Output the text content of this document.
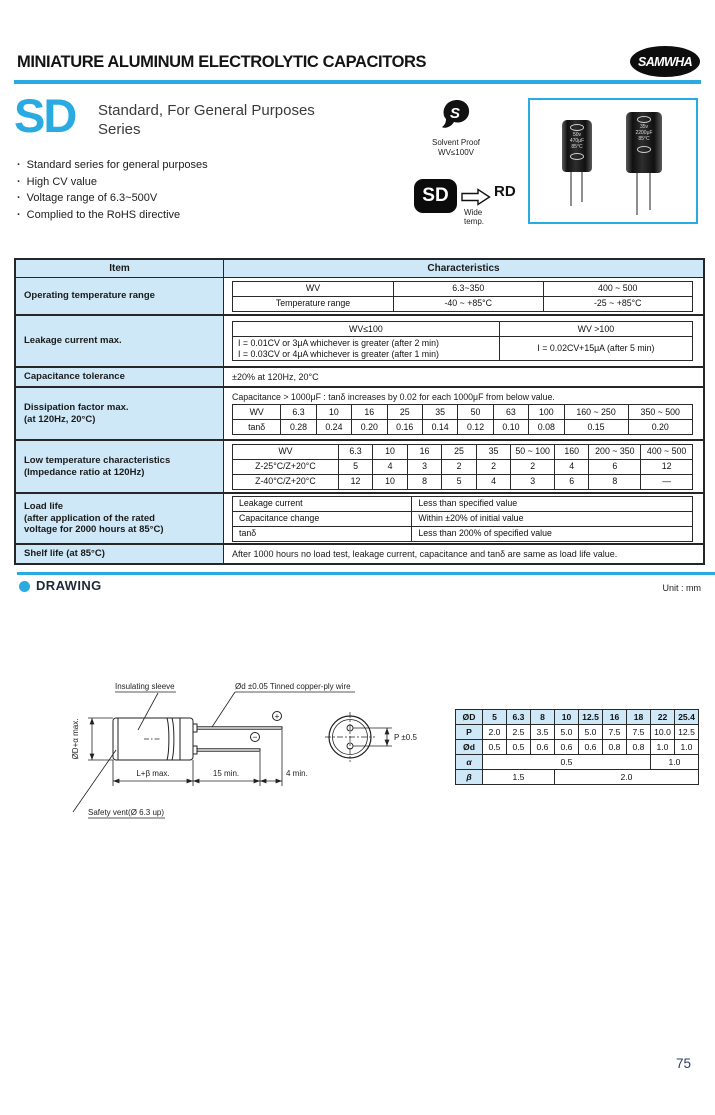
MINIATURE ALUMINUM ELECTROLYTIC CAPACITORS	SAMWHA
SD Standard, For General Purposes
Series
· Standard series for general purposes
· High CV value
· Voltage range of 6.3~500V
· Complied to the RoHS directive
S
Solvent Proof
WV≤100V
SD	RD
Wide
temp.
50v
470μF
85°C
35v
2200μF
85°C
Item	Characteristics
Operating temperature range
WV	6.3~350	400 ~ 500
Temperature range	-40 ~ +85°C	-25 ~ +85°C
Leakage current max.
WV≤100	WV >100

I = 0.01CV or 3μA whichever is greater (after 2 min)
I = 0.03CV or 4μA whichever is greater (after 1 min)	I = 0.02CV+15μA (after 5 min)
Capacitance tolerance	±20% at 120Hz, 20°C
Dissipation factor max.
(at 120Hz, 20°C)
Capacitance > 1000μF : tanδ increases by 0.02 for each 1000μF from below value.
WV	6.3	10	16	25	35	50	63	100	160 ~ 250	350 ~ 500
tanδ	0.28	0.24	0.20	0.16	0.14	0.12	0.10	0.08	0.15	0.20
Low temperature characteristics
(Impedance ratio at 120Hz)
WV	6.3	10	16	25	35	50 ~ 100	160	200 ~ 350	400 ~ 500
Z-25°C/Z+20°C	5	4	3	2	2	2	4	6	12
Z-40°C/Z+20°C	12	10	8	5	4	3	6	8	—
Load life
(after application of the rated
voltage for 2000 hours at 85°C)
Leakage current	Less than specified value
Capacitance change	Within ±20% of initial value
tanδ	Less than 200% of specified value
Shelf life (at 85°C)	After 1000 hours no load test, leakage current, capacitance and tanδ are same as load life value.
DRAWING	Unit : mm
Insulating sleeve	Ød ±0.05 Tinned copper-ply wire
ØD+α max.
L+β max.	15 min.	4 min.
Safety vent(Ø 6.3 up)
P ±0.5
+
−
ØD	5	6.3	8	10	12.5	16	18	22	25.4
P	2.0	2.5	3.5	5.0	5.0	7.5	7.5	10.0	12.5
Ød	0.5	0.5	0.6	0.6	0.6	0.8	0.8	1.0	1.0
α	0.5							1.0	
β	1.5			2.0					
75
